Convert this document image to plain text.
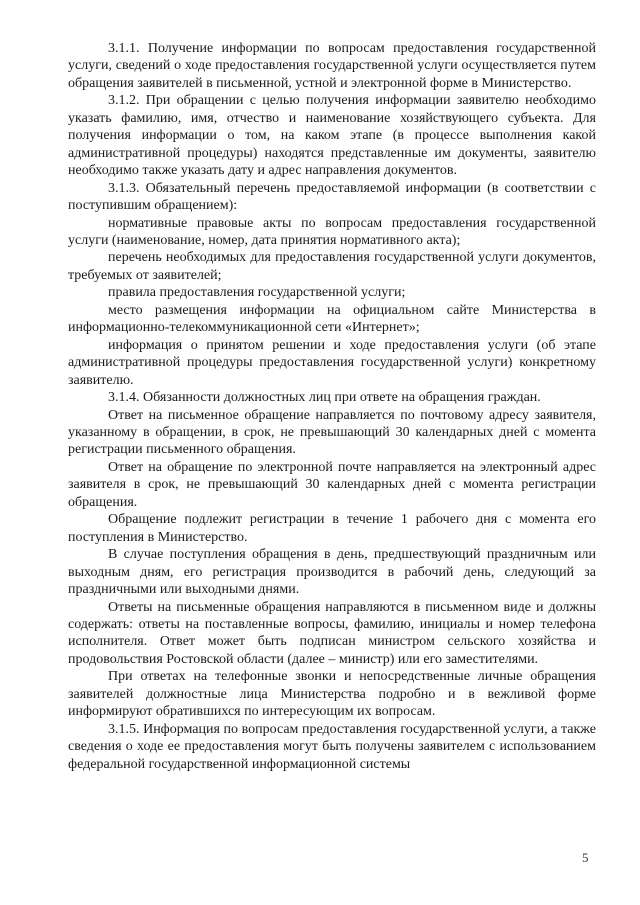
3.1.1. Получение информации по вопросам предоставления государственной услуги, сведений о ходе предоставления государственной услуги осуществляется путем обращения заявителей в письменной, устной и электронной форме в Министерство.

3.1.2. При обращении с целью получения информации заявителю необходимо указать фамилию, имя, отчество и наименование хозяйствующего субъекта. Для получения информации о том, на каком этапе (в процессе выполнения какой административной процедуры) находятся представленные им документы, заявителю необходимо также указать дату и адрес направления документов.

3.1.3. Обязательный перечень предоставляемой информации (в соответствии с поступившим обращением):

нормативные правовые акты по вопросам предоставления государственной услуги (наименование, номер, дата принятия нормативного акта);

перечень необходимых для предоставления государственной услуги документов, требуемых от заявителей;

правила предоставления государственной услуги;

место размещения информации на официальном сайте Министерства в информационно-телекоммуникационной сети «Интернет»;

информация о принятом решении и ходе предоставления услуги (об этапе административной процедуры предоставления государственной услуги) конкретному заявителю.

3.1.4. Обязанности должностных лиц при ответе на обращения граждан.

Ответ на письменное обращение направляется по почтовому адресу заявителя, указанному в обращении, в срок, не превышающий 30 календарных дней с момента регистрации письменного обращения.

Ответ на обращение по электронной почте направляется на электронный адрес заявителя в срок, не превышающий 30 календарных дней с момента регистрации обращения.

Обращение подлежит регистрации в течение 1 рабочего дня с момента его поступления в Министерство.

В случае поступления обращения в день, предшествующий праздничным или выходным дням, его регистрация производится в рабочий день, следующий за праздничными или выходными днями.

Ответы на письменные обращения направляются в письменном виде и должны содержать: ответы на поставленные вопросы, фамилию, инициалы и номер телефона исполнителя. Ответ может быть подписан министром сельского хозяйства и продовольствия Ростовской области (далее – министр) или его заместителями.

При ответах на телефонные звонки и непосредственные личные обращения заявителей должностные лица Министерства подробно и в вежливой форме информируют обратившихся по интересующим их вопросам.

3.1.5. Информация по вопросам предоставления государственной услуги, а также сведения о ходе ее предоставления могут быть получены заявителем с использованием федеральной государственной информационной системы

5
